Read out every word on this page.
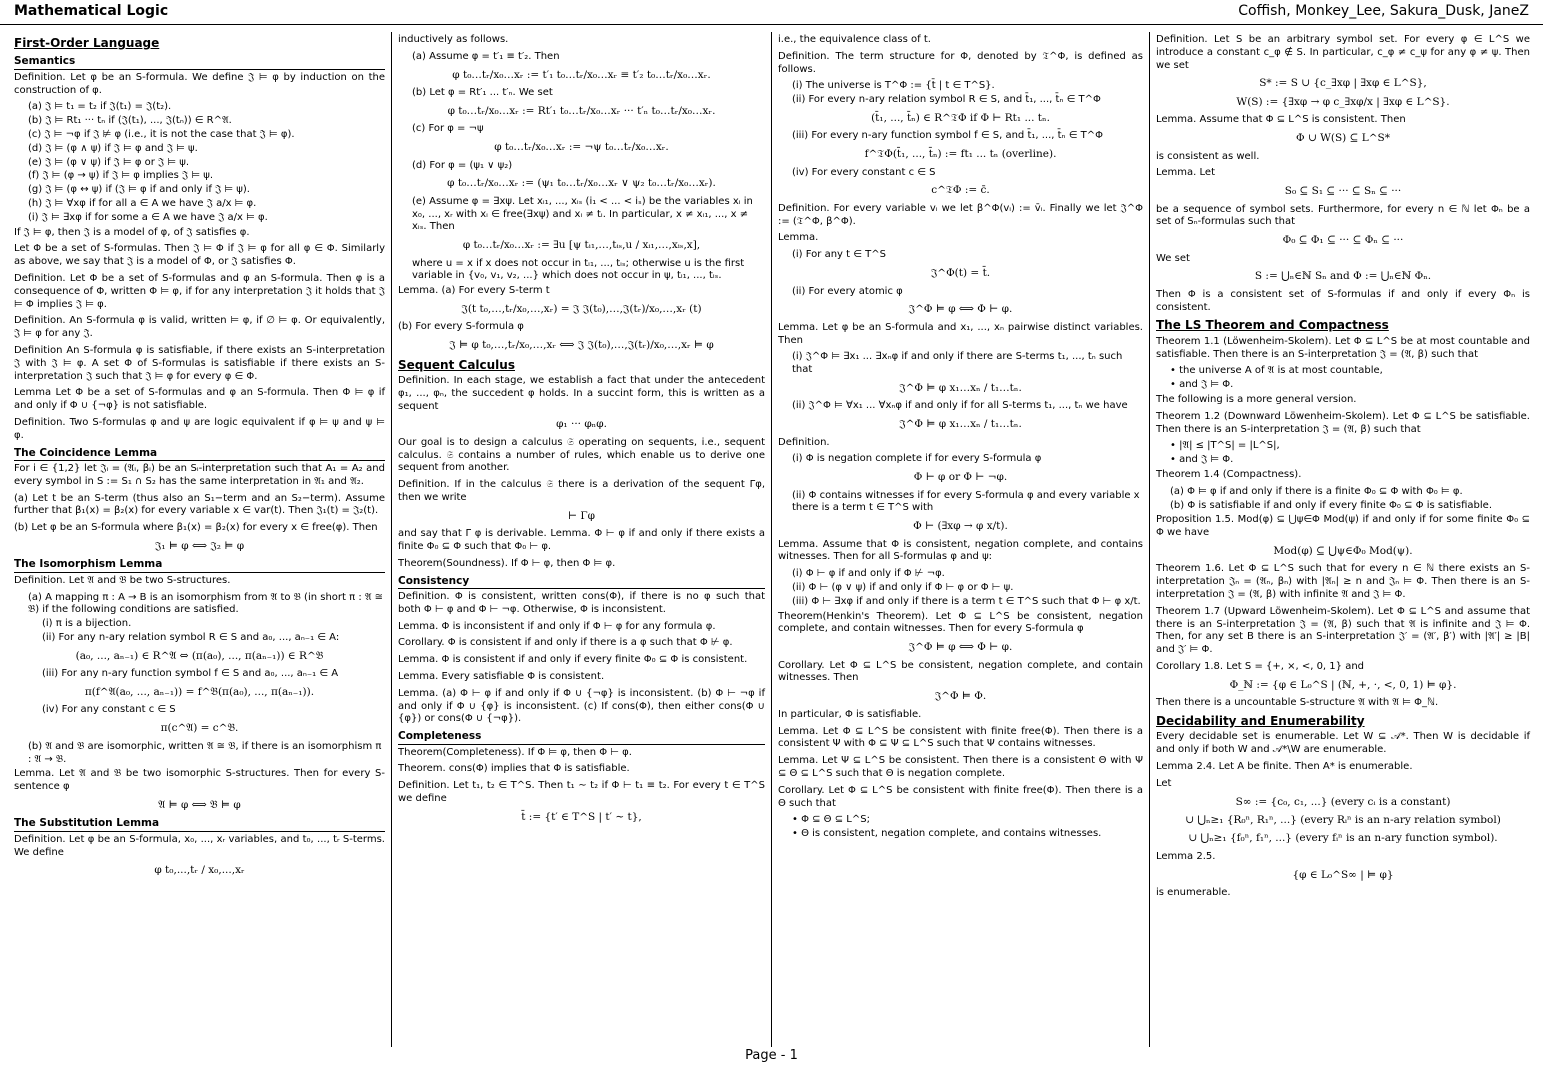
Mathematical Logic	Coffish, Monkey_Lee, Sakura_Dusk, JaneZ
First-Order Language
Semantics
Definition. Let φ be an S-formula. We define 𝔍 ⊨ φ by induction on the construction of φ.
(a) 𝔍 ⊨ t₁ = t₂ if 𝔍(t₁) = 𝔍(t₂).
(b) 𝔍 ⊨ Rt₁ ··· tₙ if (𝔍(t₁), ..., 𝔍(tₙ)) ∈ R^𝔄.
(c) 𝔍 ⊨ ¬φ if 𝔍 ⊭ φ (i.e., it is not the case that 𝔍 ⊨ φ).
(d) 𝔍 ⊨ (φ ∧ ψ) if 𝔍 ⊨ φ and 𝔍 ⊨ ψ.
(e) 𝔍 ⊨ (φ ∨ ψ) if 𝔍 ⊨ φ or 𝔍 ⊨ ψ.
(f) 𝔍 ⊨ (φ → ψ) if 𝔍 ⊨ φ implies 𝔍 ⊨ ψ.
(g) 𝔍 ⊨ (φ ↔ ψ) if (𝔍 ⊨ φ if and only if 𝔍 ⊨ ψ).
(h) 𝔍 ⊨ ∀xφ if for all a ∈ A we have 𝔍 a/x ⊨ φ.
(i) 𝔍 ⊨ ∃xφ if for some a ∈ A we have 𝔍 a/x ⊨ φ.
If 𝔍 ⊨ φ, then 𝔍 is a model of φ, of 𝔍 satisfies φ.
Let Φ be a set of S-formulas. Then 𝔍 ⊨ Φ if 𝔍 ⊨ φ for all φ ∈ Φ. Similarly as above, we say that 𝔍 is a model of Φ, or 𝔍 satisfies Φ.
Definition. Let Φ be a set of S-formulas and φ an S-formula. Then φ is a consequence of Φ, written Φ ⊨ φ, if for any interpretation 𝔍 it holds that 𝔍 ⊨ Φ implies 𝔍 ⊨ φ.
Definition. An S-formula φ is valid, written ⊨ φ, if ∅ ⊨ φ. Or equivalently, 𝔍 ⊨ φ for any 𝔍.
Definition An S-formula φ is satisfiable, if there exists an S-interpretation 𝔍 with 𝔍 ⊨ φ. A set Φ of S-formulas is satisfiable if there exists an S-interpretation 𝔍 such that 𝔍 ⊨ φ for every φ ∈ Φ.
Lemma Let Φ be a set of S-formulas and φ an S-formula. Then Φ ⊨ φ if and only if Φ ∪ {¬φ} is not satisfiable.
Definition. Two S-formulas φ and ψ are logic equivalent if φ ⊨ ψ and ψ ⊨ φ.
The Coincidence Lemma
For i ∈ {1,2} let 𝔍ᵢ = (𝔄ᵢ, βᵢ) be an Sᵢ-interpretation such that A₁ = A₂ and every symbol in S := S₁ ∩ S₂ has the same interpretation in 𝔄₁ and 𝔄₂.
(a) Let t be an S-term (thus also an S₁−term and an S₂−term). Assume further that β₁(x) = β₂(x) for every variable x ∈ var(t). Then 𝔍₁(t) = 𝔍₂(t).
(b) Let φ be an S-formula where β₁(x) = β₂(x) for every x ∈ free(φ). Then
𝔍₁ ⊨ φ ⟺ 𝔍₂ ⊨ φ
The Isomorphism Lemma
Definition. Let 𝔄 and 𝔅 be two S-structures.
(a) A mapping π : A → B is an isomorphism from 𝔄 to 𝔅 (in short π : 𝔄 ≅ 𝔅) if the following conditions are satisfied.
(i) π is a bijection.
(ii) For any n-ary relation symbol R ∈ S and a₀, ..., aₙ₋₁ ∈ A:
(a₀, ..., aₙ₋₁) ∈ R^𝔄 ⇔ (π(a₀), ..., π(aₙ₋₁)) ∈ R^𝔅
(iii) For any n-ary function symbol f ∈ S and a₀, ..., aₙ₋₁ ∈ A
π(f^𝔄(a₀, ..., aₙ₋₁)) = f^𝔅(π(a₀), ..., π(aₙ₋₁)).
(iv) For any constant c ∈ S
π(c^𝔄) = c^𝔅.
(b) 𝔄 and 𝔅 are isomorphic, written 𝔄 ≅ 𝔅, if there is an isomorphism π : 𝔄 → 𝔅.
Lemma. Let 𝔄 and 𝔅 be two isomorphic S-structures. Then for every S-sentence φ
𝔄 ⊨ φ ⟺ 𝔅 ⊨ φ
The Substitution Lemma
Definition. Let φ be an S-formula, x₀, ..., xᵣ variables, and t₀, ..., tᵣ S-terms. We define
φ t₀,...,tᵣ / x₀,...,xᵣ
inductively as follows.
(a) Assume φ = t′₁ ≡ t′₂. Then
φ t₀…tᵣ/x₀…xᵣ := t′₁ t₀…tᵣ/x₀…xᵣ ≡ t′₂ t₀…tᵣ/x₀…xᵣ.
(b) Let φ = Rt′₁ ... t′ₙ. We set
φ t₀…tᵣ/x₀…xᵣ := Rt′₁ t₀…tᵣ/x₀…xᵣ ··· t′ₙ t₀…tᵣ/x₀…xᵣ.
(c) For φ = ¬ψ
φ t₀…tᵣ/x₀…xᵣ := ¬ψ t₀…tᵣ/x₀…xᵣ.
(d) For φ = (ψ₁ ∨ ψ₂)
φ t₀…tᵣ/x₀…xᵣ := (ψ₁ t₀…tᵣ/x₀…xᵣ ∨ ψ₂ t₀…tᵣ/x₀…xᵣ).
(e) Assume φ = ∃xψ. Let xᵢ₁, ..., xᵢₛ (i₁ < ... < iₛ) be the variables xᵢ in x₀, ..., xᵣ with xᵢ ∈ free(∃xψ) and xᵢ ≠ tᵢ. In particular, x ≠ xᵢ₁, ..., x ≠ xᵢₛ. Then
φ t₀…tᵣ/x₀…xᵣ := ∃u [ψ tᵢ₁,…,tᵢₛ,u / xᵢ₁,…,xᵢₛ,x],
where u = x if x does not occur in tᵢ₁, ..., tᵢₛ; otherwise u is the first variable in {v₀, v₁, v₂, ...} which does not occur in ψ, tᵢ₁, ..., tᵢₛ.
Lemma. (a) For every S-term t
𝔍(t t₀,…,tᵣ/x₀,…,xᵣ) = 𝔍 𝔍(t₀),…,𝔍(tᵣ)/x₀,…,xᵣ (t)
(b) For every S-formula φ
𝔍 ⊨ φ t₀,…,tᵣ/x₀,…,xᵣ ⟺ 𝔍 𝔍(t₀),…,𝔍(tᵣ)/x₀,…,xᵣ ⊨ φ
Sequent Calculus
Definition. In each stage, we establish a fact that under the antecedent φ₁, ..., φₙ, the succedent φ holds. In a succint form, this is written as a sequent
φ₁ ··· φₙφ.
Our goal is to design a calculus 𝔖 operating on sequents, i.e., sequent calculus. 𝔖 contains a number of rules, which enable us to derive one sequent from another.
Definition. If in the calculus 𝔖 there is a derivation of the sequent Γφ, then we write
⊢ Γφ
and say that Γ φ is derivable. Lemma. Φ ⊢ φ if and only if there exists a finite Φ₀ ⊆ Φ such that Φ₀ ⊢ φ.
Theorem(Soundness). If Φ ⊢ φ, then Φ ⊨ φ.
Consistency
Definition. Φ is consistent, written cons(Φ), if there is no φ such that both Φ ⊢ φ and Φ ⊢ ¬φ. Otherwise, Φ is inconsistent.
Lemma. Φ is inconsistent if and only if Φ ⊢ φ for any formula φ.
Corollary. Φ is consistent if and only if there is a φ such that Φ ⊬ φ.
Lemma. Φ is consistent if and only if every finite Φ₀ ⊆ Φ is consistent.
Lemma. Every satisfiable Φ is consistent.
Lemma. (a) Φ ⊢ φ if and only if Φ ∪ {¬φ} is inconsistent. (b) Φ ⊢ ¬φ if and only if Φ ∪ {φ} is inconsistent. (c) If cons(Φ), then either cons(Φ ∪ {φ}) or cons(Φ ∪ {¬φ}).
Completeness
Theorem(Completeness). If Φ ⊨ φ, then Φ ⊢ φ.
Theorem. cons(Φ) implies that Φ is satisfiable.
Definition. Let t₁, t₂ ∈ T^S. Then t₁ ∼ t₂ if Φ ⊢ t₁ ≡ t₂. For every t ∈ T^S we define
t̄ := {t′ ∈ T^S | t′ ∼ t},
i.e., the equivalence class of t.
Definition. The term structure for Φ, denoted by 𝔗^Φ, is defined as follows.
(i) The universe is T^Φ := {t̄ | t ∈ T^S}.
(ii) For every n-ary relation symbol R ∈ S, and t̄₁, ..., t̄ₙ ∈ T^Φ
(t̄₁, ..., t̄ₙ) ∈ R^𝔗Φ if Φ ⊢ Rt₁ ... tₙ.
(iii) For every n-ary function symbol f ∈ S, and t̄₁, ..., t̄ₙ ∈ T^Φ
f^𝔗Φ(t̄₁, ..., t̄ₙ) := ft₁ ... tₙ (overline).
(iv) For every constant c ∈ S
c^𝔗Φ := c̄.
Definition. For every variable vᵢ we let β^Φ(vᵢ) := v̄ᵢ. Finally we let 𝔍^Φ := (𝔗^Φ, β^Φ).
Lemma.
(i) For any t ∈ T^S
𝔍^Φ(t) = t̄.
(ii) For every atomic φ
𝔍^Φ ⊨ φ ⟺ Φ ⊢ φ.
Lemma. Let φ be an S-formula and x₁, ..., xₙ pairwise distinct variables. Then
(i) 𝔍^Φ ⊨ ∃x₁ ... ∃xₙφ if and only if there are S-terms t₁, ..., tₙ such that
𝔍^Φ ⊨ φ x₁…xₙ / t₁…tₙ.
(ii) 𝔍^Φ ⊨ ∀x₁ ... ∀xₙφ if and only if for all S-terms t₁, ..., tₙ we have
𝔍^Φ ⊨ φ x₁…xₙ / t₁…tₙ.
Definition.
(i) Φ is negation complete if for every S-formula φ
Φ ⊢ φ or Φ ⊢ ¬φ.
(ii) Φ contains witnesses if for every S-formula φ and every variable x there is a term t ∈ T^S with
Φ ⊢ (∃xφ → φ x/t).
Lemma. Assume that Φ is consistent, negation complete, and contains witnesses. Then for all S-formulas φ and ψ:
(i) Φ ⊢ φ if and only if Φ ⊬ ¬φ.
(ii) Φ ⊢ (φ ∨ ψ) if and only if Φ ⊢ φ or Φ ⊢ ψ.
(iii) Φ ⊢ ∃xφ if and only if there is a term t ∈ T^S such that Φ ⊢ φ x/t.
Theorem(Henkin's Theorem). Let Φ ⊆ L^S be consistent, negation complete, and contain witnesses. Then for every S-formula φ
𝔍^Φ ⊨ φ ⟺ Φ ⊢ φ.
Corollary. Let Φ ⊆ L^S be consistent, negation complete, and contain witnesses. Then
𝔍^Φ ⊨ Φ.
In particular, Φ is satisfiable.
Lemma. Let Φ ⊆ L^S be consistent with finite free(Φ). Then there is a consistent Ψ with Φ ⊆ Ψ ⊆ L^S such that Ψ contains witnesses.
Lemma. Let Ψ ⊆ L^S be consistent. Then there is a consistent Θ with Ψ ⊆ Θ ⊆ L^S such that Θ is negation complete.
Corollary. Let Φ ⊆ L^S be consistent with finite free(Φ). Then there is a Θ such that
• Φ ⊆ Θ ⊆ L^S;
• Θ is consistent, negation complete, and contains witnesses.
Definition. Let S be an arbitrary symbol set. For every φ ∈ L^S we introduce a constant c_φ ∉ S. In particular, c_φ ≠ c_ψ for any φ ≠ ψ. Then we set
S* := S ∪ {c_∃xφ | ∃xφ ∈ L^S},
W(S) := {∃xφ → φ c_∃xφ/x | ∃xφ ∈ L^S}.
Lemma. Assume that Φ ⊆ L^S is consistent. Then
Φ ∪ W(S) ⊆ L^S*
is consistent as well.
Lemma. Let
S₀ ⊆ S₁ ⊆ ··· ⊆ Sₙ ⊆ ···
be a sequence of symbol sets. Furthermore, for every n ∈ ℕ let Φₙ be a set of Sₙ-formulas such that
Φ₀ ⊆ Φ₁ ⊆ ··· ⊆ Φₙ ⊆ ···
We set
S := ⋃ₙ∈ℕ Sₙ and Φ := ⋃ₙ∈ℕ Φₙ.
Then Φ is a consistent set of S-formulas if and only if every Φₙ is consistent.
The LS Theorem and Compactness
Theorem 1.1 (Löwenheim-Skolem). Let Φ ⊆ L^S be at most countable and satisfiable. Then there is an S-interpretation 𝔍 = (𝔄, β) such that
• the universe A of 𝔄 is at most countable,
• and 𝔍 ⊨ Φ.
The following is a more general version.
Theorem 1.2 (Downward Löwenheim-Skolem). Let Φ ⊆ L^S be satisfiable. Then there is an S-interpretation 𝔍 = (𝔄, β) such that
• |𝔄| ≤ |T^S| = |L^S|,
• and 𝔍 ⊨ Φ.
Theorem 1.4 (Compactness).
(a) Φ ⊨ φ if and only if there is a finite Φ₀ ⊆ Φ with Φ₀ ⊨ φ.
(b) Φ is satisfiable if and only if every finite Φ₀ ⊆ Φ is satisfiable.
Proposition 1.5. Mod(φ) ⊆ ⋃ψ∈Φ Mod(ψ) if and only if for some finite Φ₀ ⊆ Φ we have
Mod(φ) ⊆ ⋃ψ∈Φ₀ Mod(ψ).
Theorem 1.6. Let Φ ⊆ L^S such that for every n ∈ ℕ there exists an S-interpretation 𝔍ₙ = (𝔄ₙ, βₙ) with |𝔄ₙ| ≥ n and 𝔍ₙ ⊨ Φ. Then there is an S-interpretation 𝔍 = (𝔄, β) with infinite 𝔄 and 𝔍 ⊨ Φ.
Theorem 1.7 (Upward Löwenheim-Skolem). Let Φ ⊆ L^S and assume that there is an S-interpretation 𝔍 = (𝔄, β) such that 𝔄 is infinite and 𝔍 ⊨ Φ. Then, for any set B there is an S-interpretation 𝔍′ = (𝔄′, β′) with |𝔄′| ≥ |B| and 𝔍′ ⊨ Φ.
Corollary 1.8. Let S = {+, ×, <, 0, 1} and
Φ_ℕ := {φ ∈ L₀^S | (ℕ, +, ·, <, 0, 1) ⊨ φ}.
Then there is a uncountable S-structure 𝔄 with 𝔄 ⊨ Φ_ℕ.
Decidability and Enumerability
Every decidable set is enumerable. Let W ⊆ 𝒜*. Then W is decidable if and only if both W and 𝒜*\W are enumerable.
Lemma 2.4. Let A be finite. Then A* is enumerable.
Let
S∞ := {c₀, c₁, ...} (every cᵢ is a constant)
∪ ⋃ₙ≥₁ {R₀ⁿ, R₁ⁿ, ...} (every Rᵢⁿ is an n-ary relation symbol)
∪ ⋃ₙ≥₁ {f₀ⁿ, f₁ⁿ, ...} (every fᵢⁿ is an n-ary function symbol).
Lemma 2.5.
{φ ∈ L₀^S∞ | ⊨ φ}
is enumerable.
Page - 1
